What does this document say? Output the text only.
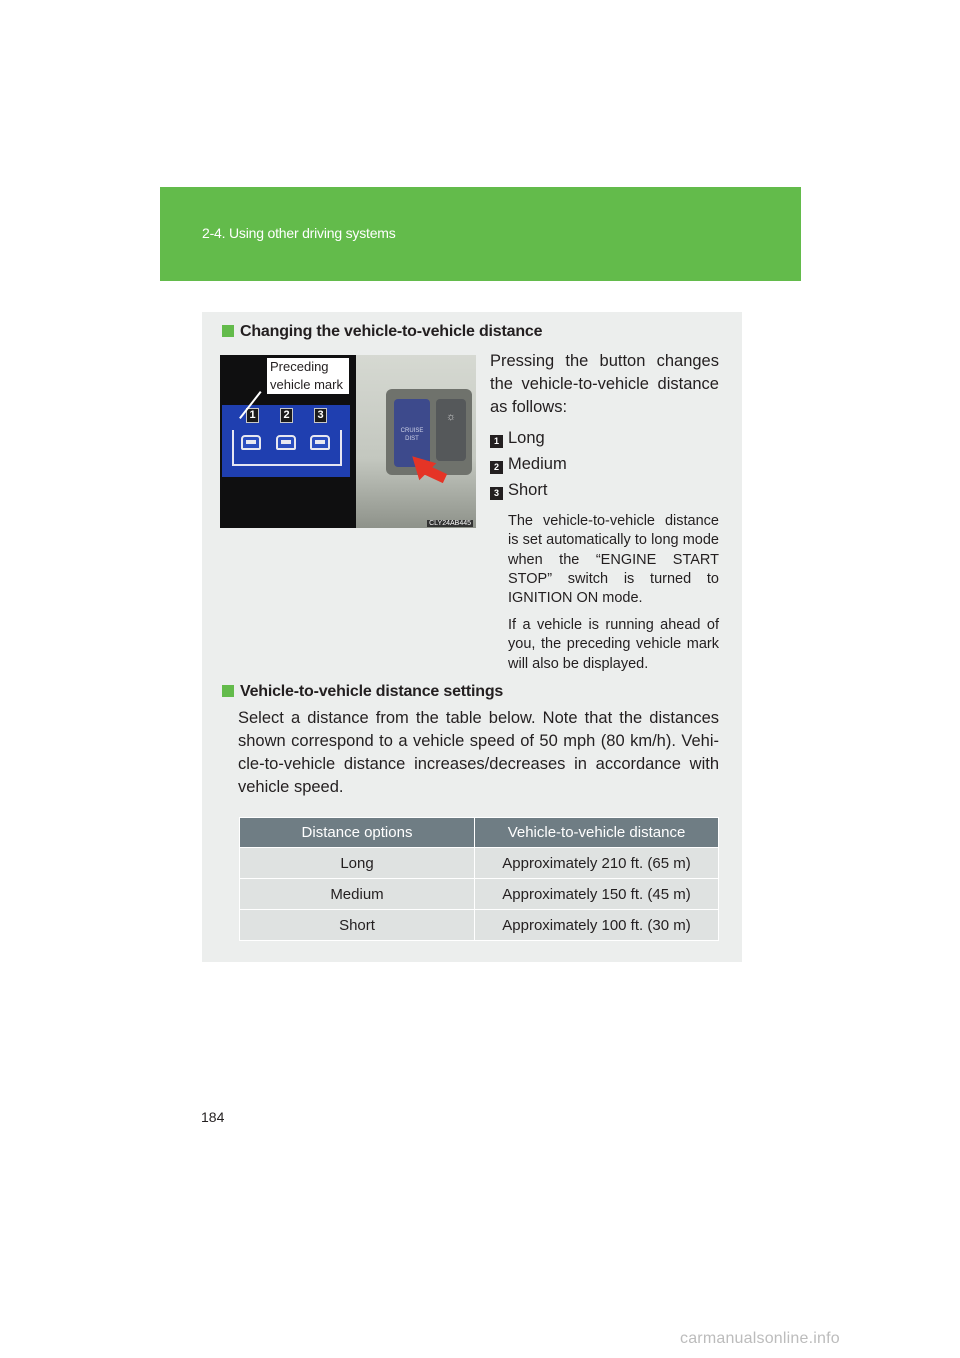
2-4. Using other driving systems
Changing the vehicle-to-vehicle distance
1	2	3
Preceding
vehicle mark
CRUISE
DIST
☼
CLY24AB445
Pressing the button changes the vehicle-to-vehicle distance as follows:
1 Long
2 Medium
3 Short
The vehicle-to-vehicle distance is set automatically to long mode when the “ENGINE START STOP” switch is turned to IGNITION ON mode.
If a vehicle is running ahead of you, the preceding vehicle mark will also be displayed.
Vehicle-to-vehicle distance settings
Select a distance from the table below. Note that the distances shown correspond to a vehicle speed of 50 mph (80 km/h). Vehi-cle-to-vehicle distance increases/decreases in accordance with vehicle speed.
Distance options	Vehicle-to-vehicle distance
Long	Approximately 210 ft. (65 m)
Medium	Approximately 150 ft. (45 m)
Short	Approximately 100 ft. (30 m)
184
carmanualsonline.info
